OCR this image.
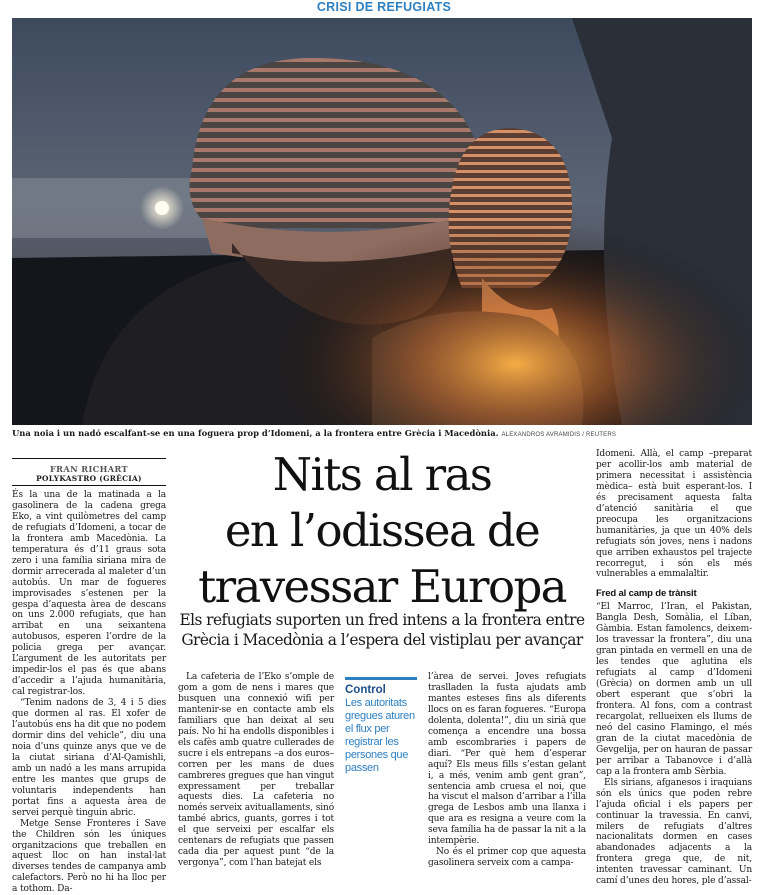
CRISI DE REFUGIATS
Una noia i un nadó escalfant-se en una foguera prop d’Idomeni, a la frontera entre Grècia i Macedònia. ALEXANDROS AVRAMIDIS / REUTERS
FRAN RICHART
POLYKASTRO (GRÈCIA)

És la una de la matinada a la gasolinera de la cadena grega Eko, a vint quilòmetres del camp de refugiats d’Idomeni, a tocar de la frontera amb Macedònia. La temperatura és d’11 graus sota zero i una família siriana mira de dormir arrecerada al maleter d’un autobús. Un mar de fogueres improvisades s’estenen per la gespa d’aquesta àrea de descans on uns 2.000 refugiats, que han arribat en una seixantena autobusos, esperen l’ordre de la policia grega per avançar. L’argument de les autoritats per impedir-los el pas és que abans d’accedir a l’ajuda humanitària, cal registrar-los.

“Tenim nadons de 3, 4 i 5 dies que dormen al ras. El xofer de l’autobús ens ha dit que no podem dormir dins del vehicle”, diu una noia d’uns quinze anys que ve de la ciutat siriana d’Al-Qamishli, amb un nadó a les mans arrupida entre les mantes que grups de voluntaris independents han portat fins a aquesta àrea de servei perquè tinguin abric.

Metge Sense Fronteres i Save the Children són les úniques organitzacions que treballen en aquest lloc on han instal·lat diverses tendes de campanya amb calefactors. Però no hi ha lloc per a tothom. Da-

Nits al ras
en l’odissea de
travessar Europa
Els refugiats suporten un fred intens a la frontera entre
Grècia i Macedònia a l’espera del vistiplau per avançar

La cafeteria de l’Eko s’omple de gom a gom de nens i mares que busquen una connexió wifi per mantenir-se en contacte amb els familiars que han deixat al seu país. No hi ha endolls disponibles i els cafès amb quatre cullerades de sucre i els entrepans –a dos euros– corren per les mans de dues cambreres gregues que han vingut expressament per treballar aquests dies. La cafeteria no només serveix avituallaments, sinó també abrics, guants, gorres i tot el que serveixi per escalfar els centenars de refugiats que passen cada dia per aquest punt “de la vergonya”, com l’han batejat els

Control
Les autoritats gregues aturen el flux per registrar les persones que passen

l’àrea de servei. Joves refugiats traslladen la fusta ajudats amb mantes esteses fins als diferents llocs on es faran fogueres. “Europa dolenta, dolenta!”, diu un sirià que comença a encendre una bossa amb escombraries i papers de diari. “Per què hem d’esperar aquí? Els meus fills s’estan gelant i, a més, venim amb gent gran”, sentencia amb cruesa el noi, que ha viscut el malson d’arribar a l’illa grega de Lesbos amb una llanxa i que ara es resigna a veure com la seva família ha de passar la nit a la intempèrie.

No és el primer cop que aquesta gasolinera serveix com a campa-

Idomeni. Allà, el camp –preparat per acollir-los amb material de primera necessitat i assistència mèdica– està buit esperant-los. I és precisament aquesta falta d’atenció sanitària el que preocupa les organitzacions humanitàries, ja que un 40% dels refugiats són joves, nens i nadons que arriben exhaustos pel trajecte recorregut, i són els més vulnerables a emmalaltir.

Fred al camp de trànsit

“El Marroc, l’Iran, el Pakistan, Bangla Desh, Somàlia, el Líban, Gàmbia. Estan famolencs, deixem-los travessar la frontera”, diu una gran pintada en vermell en una de les tendes que aglutina els refugiats al camp d’Idomeni (Grècia) on dormen amb un ull obert esperant que s’obri la frontera. Al fons, com a contrast recargolat, rellueixen els llums de neó del casino Flamingo, el més gran de la ciutat macedònia de Gevgelija, per on hauran de passar per arribar a Tabanovce i d’allà cap a la frontera amb Sèrbia.

Els sirians, afganesos i iraquians són els únics que poden rebre l’ajuda oficial i els papers per continuar la travessia. En canvi, milers de refugiats d’altres nacionalitats dormen en cases abandonades adjacents a la frontera grega que, de nit, intenten travessar caminant. Un camí d’unes deu hores, ple d’assal-
